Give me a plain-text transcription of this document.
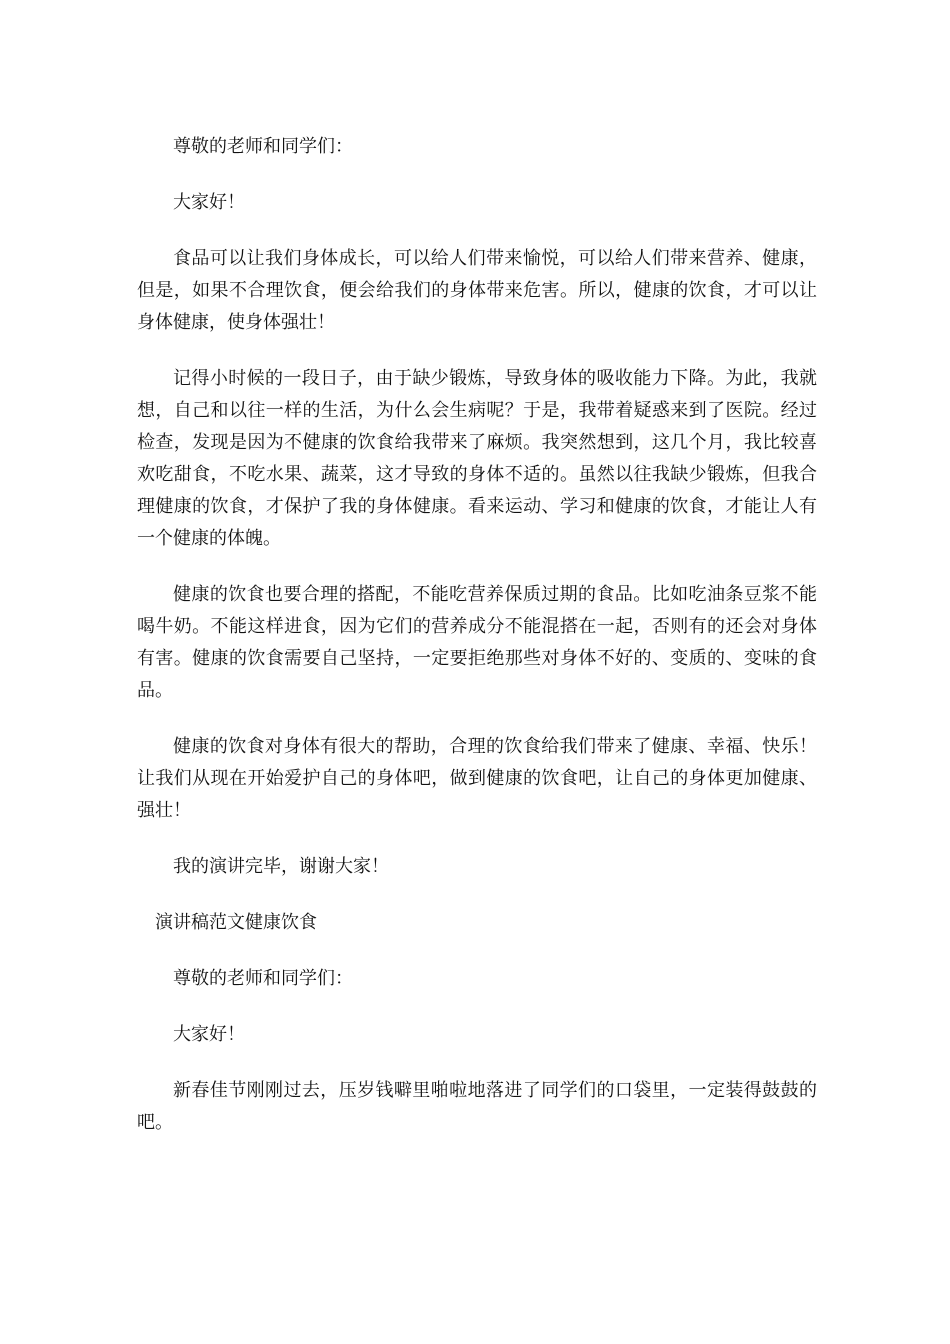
尊敬的老师和同学们：

大家好！

食品可以让我们身体成长，可以给人们带来愉悦，可以给人们带来营养、健康，但是，如果不合理饮食，便会给我们的身体带来危害。所以，健康的饮食，才可以让身体健康，使身体强壮！

记得小时候的一段日子，由于缺少锻炼，导致身体的吸收能力下降。为此，我就想，自己和以往一样的生活，为什么会生病呢？于是，我带着疑惑来到了医院。经过检查，发现是因为不健康的饮食给我带来了麻烦。我突然想到，这几个月，我比较喜欢吃甜食，不吃水果、蔬菜，这才导致的身体不适的。虽然以往我缺少锻炼，但我合理健康的饮食，才保护了我的身体健康。看来运动、学习和健康的饮食，才能让人有一个健康的体魄。

健康的饮食也要合理的搭配，不能吃营养保质过期的食品。比如吃油条豆浆不能喝牛奶。不能这样进食，因为它们的营养成分不能混搭在一起，否则有的还会对身体有害。健康的饮食需要自己坚持，一定要拒绝那些对身体不好的、变质的、变味的食品。

健康的饮食对身体有很大的帮助，合理的饮食给我们带来了健康、幸福、快乐！让我们从现在开始爱护自己的身体吧，做到健康的饮食吧，让自己的身体更加健康、强壮！

我的演讲完毕，谢谢大家！

演讲稿范文健康饮食

尊敬的老师和同学们：

大家好！

新春佳节刚刚过去，压岁钱噼里啪啦地落进了同学们的口袋里，一定装得鼓鼓的吧。
